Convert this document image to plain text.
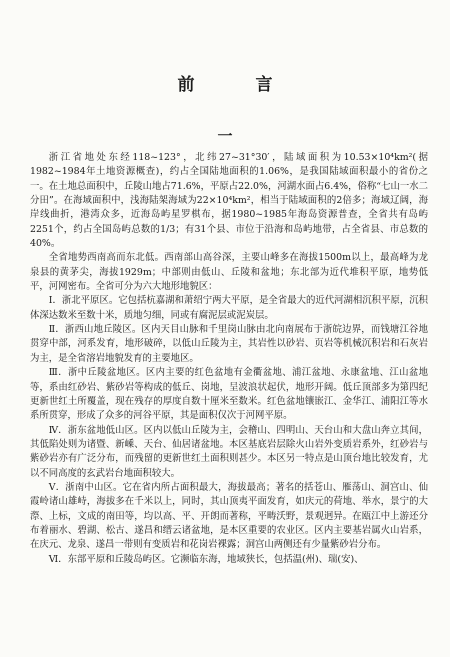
前　言
一

浙江省地处东经118~123°，北纬27~31°30′，陆域面积为10.53×10⁴km²(据1982~1984年土地资源概查)，约占全国陆地面积的1.06%，是我国陆域面积最小的省份之一。在土地总面积中，丘陵山地占71.6%，平原占22.0%，河湖水面占6.4%，俗称“七山一水二分田”。在海域面积中，浅海陆架海域为22×10⁴km²，相当于陆域面积的2倍多；海域辽阔，海岸线曲折，港湾众多，近海岛屿星罗棋布，据1980~1985年海岛资源普查，全省共有岛屿2251个，约占全国岛屿总数的1/3；有31个县、市位于沿海和岛屿地带，占全省县、市总数的40%。

全省地势西南高而东北低。西南部山高谷深，主要山峰多在海拔1500m以上，最高峰为龙泉县的黄茅尖，海拔1929m；中部则由低山、丘陵和盆地；东北部为近代堆积平原，地势低平，河网密布。全省可分为六大地形地貌区：

Ⅰ．浙北平原区。它包括杭嘉湖和萧绍宁两大平原，是全省最大的近代河湖相沉积平原，沉积体深达数米至数十米，质地匀细，同或有腐泥层或泥炭层。

Ⅱ．浙西山地丘陵区。区内天目山脉和千里岗山脉由北向南展布于浙皖边界，而钱塘江谷地贯穿中部，河系发育，地形破碎，以低山丘陵为主，其岩性以砂岩、页岩等机械沉积岩和石灰岩为主，是全省溶岩地貌发育的主要地区。

Ⅲ．浙中丘陵盆地区。区内主要的红色盆地有金衢盆地、浦江盆地、永康盆地、江山盆地等，系由红砂岩、紫砂岩等构成的低丘、岗地，呈波浪状起伏，地形开阔。低丘顶部多为第四纪更新世红土所覆盖，现在残存的厚度自数十厘米至数米。红色盆地镶嵌江、金华江、浦阳江等水系所贯穿，形成了众多的河谷平原，其是面积仅次于河网平原。

Ⅳ．浙东盆地低山区。区内以低山丘陵为主，会稽山、四明山、天台山和大盘山奔立其间，其低陷处则为诸暨、新嵊、天台、仙居诸盆地。本区基底岩层除火山岩外变质岩系外，红砂岩与紫砂岩亦有广泛分布，而残留的更新世红土面积则甚少。本区另一特点是山顶台地比较发育，尤以不同高度的玄武岩台地面积较大。

Ⅴ．浙南中山区。它在省内所占面积最大，海拔最高；著名的括苍山、雁荡山、洞宫山、仙霞岭诸山雄峙，海拔多在千米以上，同时，其山顶夷平面发育，如庆元的荷地、举水，景宁的大漈、上标，文成的南田等，均以高、平、开朗而著称，平畴沃野，景观迥异。在瓯江中上游还分布着丽水、碧湖、松古、遂昌和缙云诸盆地，是本区重要的农业区。区内主要基岩属火山岩系，在庆元、龙泉、遂昌一带则有变质岩和花岗岩裸露；洞宫山两侧还有少量紫砂岩分布。

Ⅵ．东部平原和丘陵岛屿区。它濒临东海，地域狭长，包括温(州)、瑞(安)、
